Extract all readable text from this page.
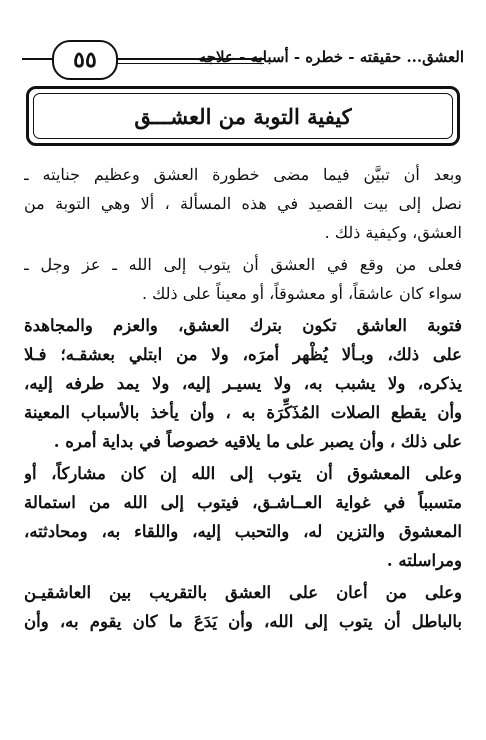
العشق... حقيقته - خطره - أسبابه - علاجه
٥٥
كيفية التوبة من العشـــق
وبعد أن تبيَّن فيما مضى خطورة العشق وعظيم جنايته ـ
نصل إلى بيت القصيد في هذه المسألة ، ألا وهي التوبة من
العشق، وكيفية ذلك .
فعلى من وقع في العشق أن يتوب إلى الله ـ عز وجل ـ
سواء كان عاشقاً، أو معشوقاً، أو معيناً على ذلك .
فتوبة العاشق تكون بترك العشق، والعزم والمجاهدة
على ذلك، وبـألا يُظْهر أمرَه، ولا من ابتلي بعشقـه؛ فـلا
يذكره، ولا يشبب به، ولا يسيـر إليه، ولا يمد طرفه إليه،
وأن يقطع الصلات المُذَكِّرَة به ، وأن يأخذ بالأسباب المعينة
على ذلك ، وأن يصبر على ما يلاقيه خصوصاً في بداية أمره .
وعلى المعشوق أن يتوب إلى الله إن كان مشاركاً، أو
متسبباً في غواية العــاشـق، فيتوب إلى الله من استمالة
المعشوق والتزين له، والتحبب إليه، واللقاء به، ومحادثته،
ومراسلته .
وعلى من أعان على العشق بالتقريب بين العاشقيـن
بالباطل أن يتوب إلى الله، وأن يَدَعَ ما كان يقوم به، وأن
